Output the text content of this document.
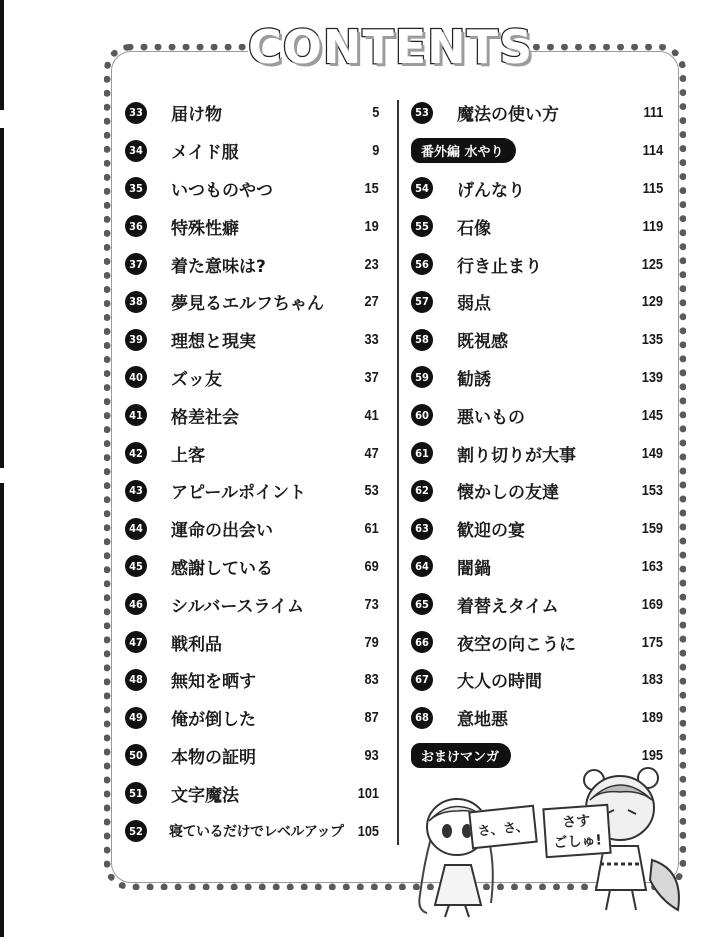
CONTENTS
33 届け物	5
34 メイド服	9
35 いつものやつ	15
36 特殊性癖	19
37 着た意味は?	23
38 夢見るエルフちゃん	27
39 理想と現実	33
40 ズッ友	37
41 格差社会	41
42 上客	47
43 アピールポイント	53
44 運命の出会い	61
45 感謝している	69
46 シルバースライム	73
47 戦利品	79
48 無知を晒す	83
49 俺が倒した	87
50 本物の証明	93
51 文字魔法	101
52 寝ているだけでレベルアップ 105
53 魔法の使い方	111
番外編 水やり	114
54 げんなり	115
55 石像	119
56 行き止まり	125
57 弱点	129
58 既視感	135
59 勧誘	139
60 悪いもの	145
61 割り切りが大事	149
62 懐かしの友達	153
63 歓迎の宴	159
64 闇鍋	163
65 着替えタイム	169
66 夜空の向こうに	175
67 大人の時間	183
68 意地悪	189
おまけマンガ	195
さ、さ、	さす
ごしゅ!
